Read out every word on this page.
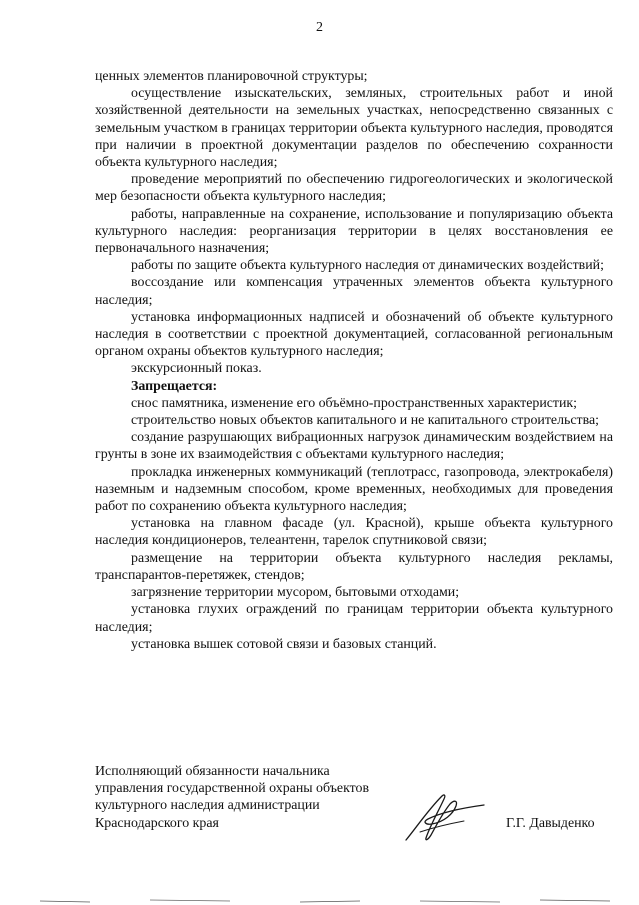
2

ценных элементов планировочной структуры;

осуществление изыскательских, земляных, строительных работ и иной хозяйственной деятельности на земельных участках, непосредственно связанных с земельным участком в границах территории объекта культурного наследия, проводятся при наличии в проектной документации разделов по обеспечению сохранности объекта культурного наследия;

проведение мероприятий по обеспечению гидрогеологических и экологической мер безопасности объекта культурного наследия;

работы, направленные на сохранение, использование и популяризацию объекта культурного наследия: реорганизация территории в целях восстановления ее первоначального назначения;

работы по защите объекта культурного наследия от динамических воздействий;

воссоздание или компенсация утраченных элементов объекта культурного наследия;

установка информационных надписей и обозначений об объекте культурного наследия в соответствии с проектной документацией, согласованной региональным органом охраны объектов культурного наследия;

экскурсионный показ.

Запрещается:

снос памятника, изменение его объёмно-пространственных характеристик;

строительство новых объектов капитального и не капитального строительства;

создание разрушающих вибрационных нагрузок динамическим воздействием на грунты в зоне их взаимодействия с объектами культурного наследия;

прокладка инженерных коммуникаций (теплотрасс, газопровода, электрокабеля) наземным и надземным способом, кроме временных, необходимых для проведения работ по сохранению объекта культурного наследия;

установка на главном фасаде (ул. Красной), крыше объекта культурного наследия кондиционеров, телеантенн, тарелок спутниковой связи;

размещение на территории объекта культурного наследия рекламы, транспарантов-перетяжек, стендов;

загрязнение территории мусором, бытовыми отходами;

установка глухих ограждений по границам территории объекта культурного наследия;

установка вышек сотовой связи и базовых станций.

Исполняющий обязанности начальника
управления государственной охраны объектов
культурного наследия администрации
Краснодарского края	Г.Г. Давыденко
